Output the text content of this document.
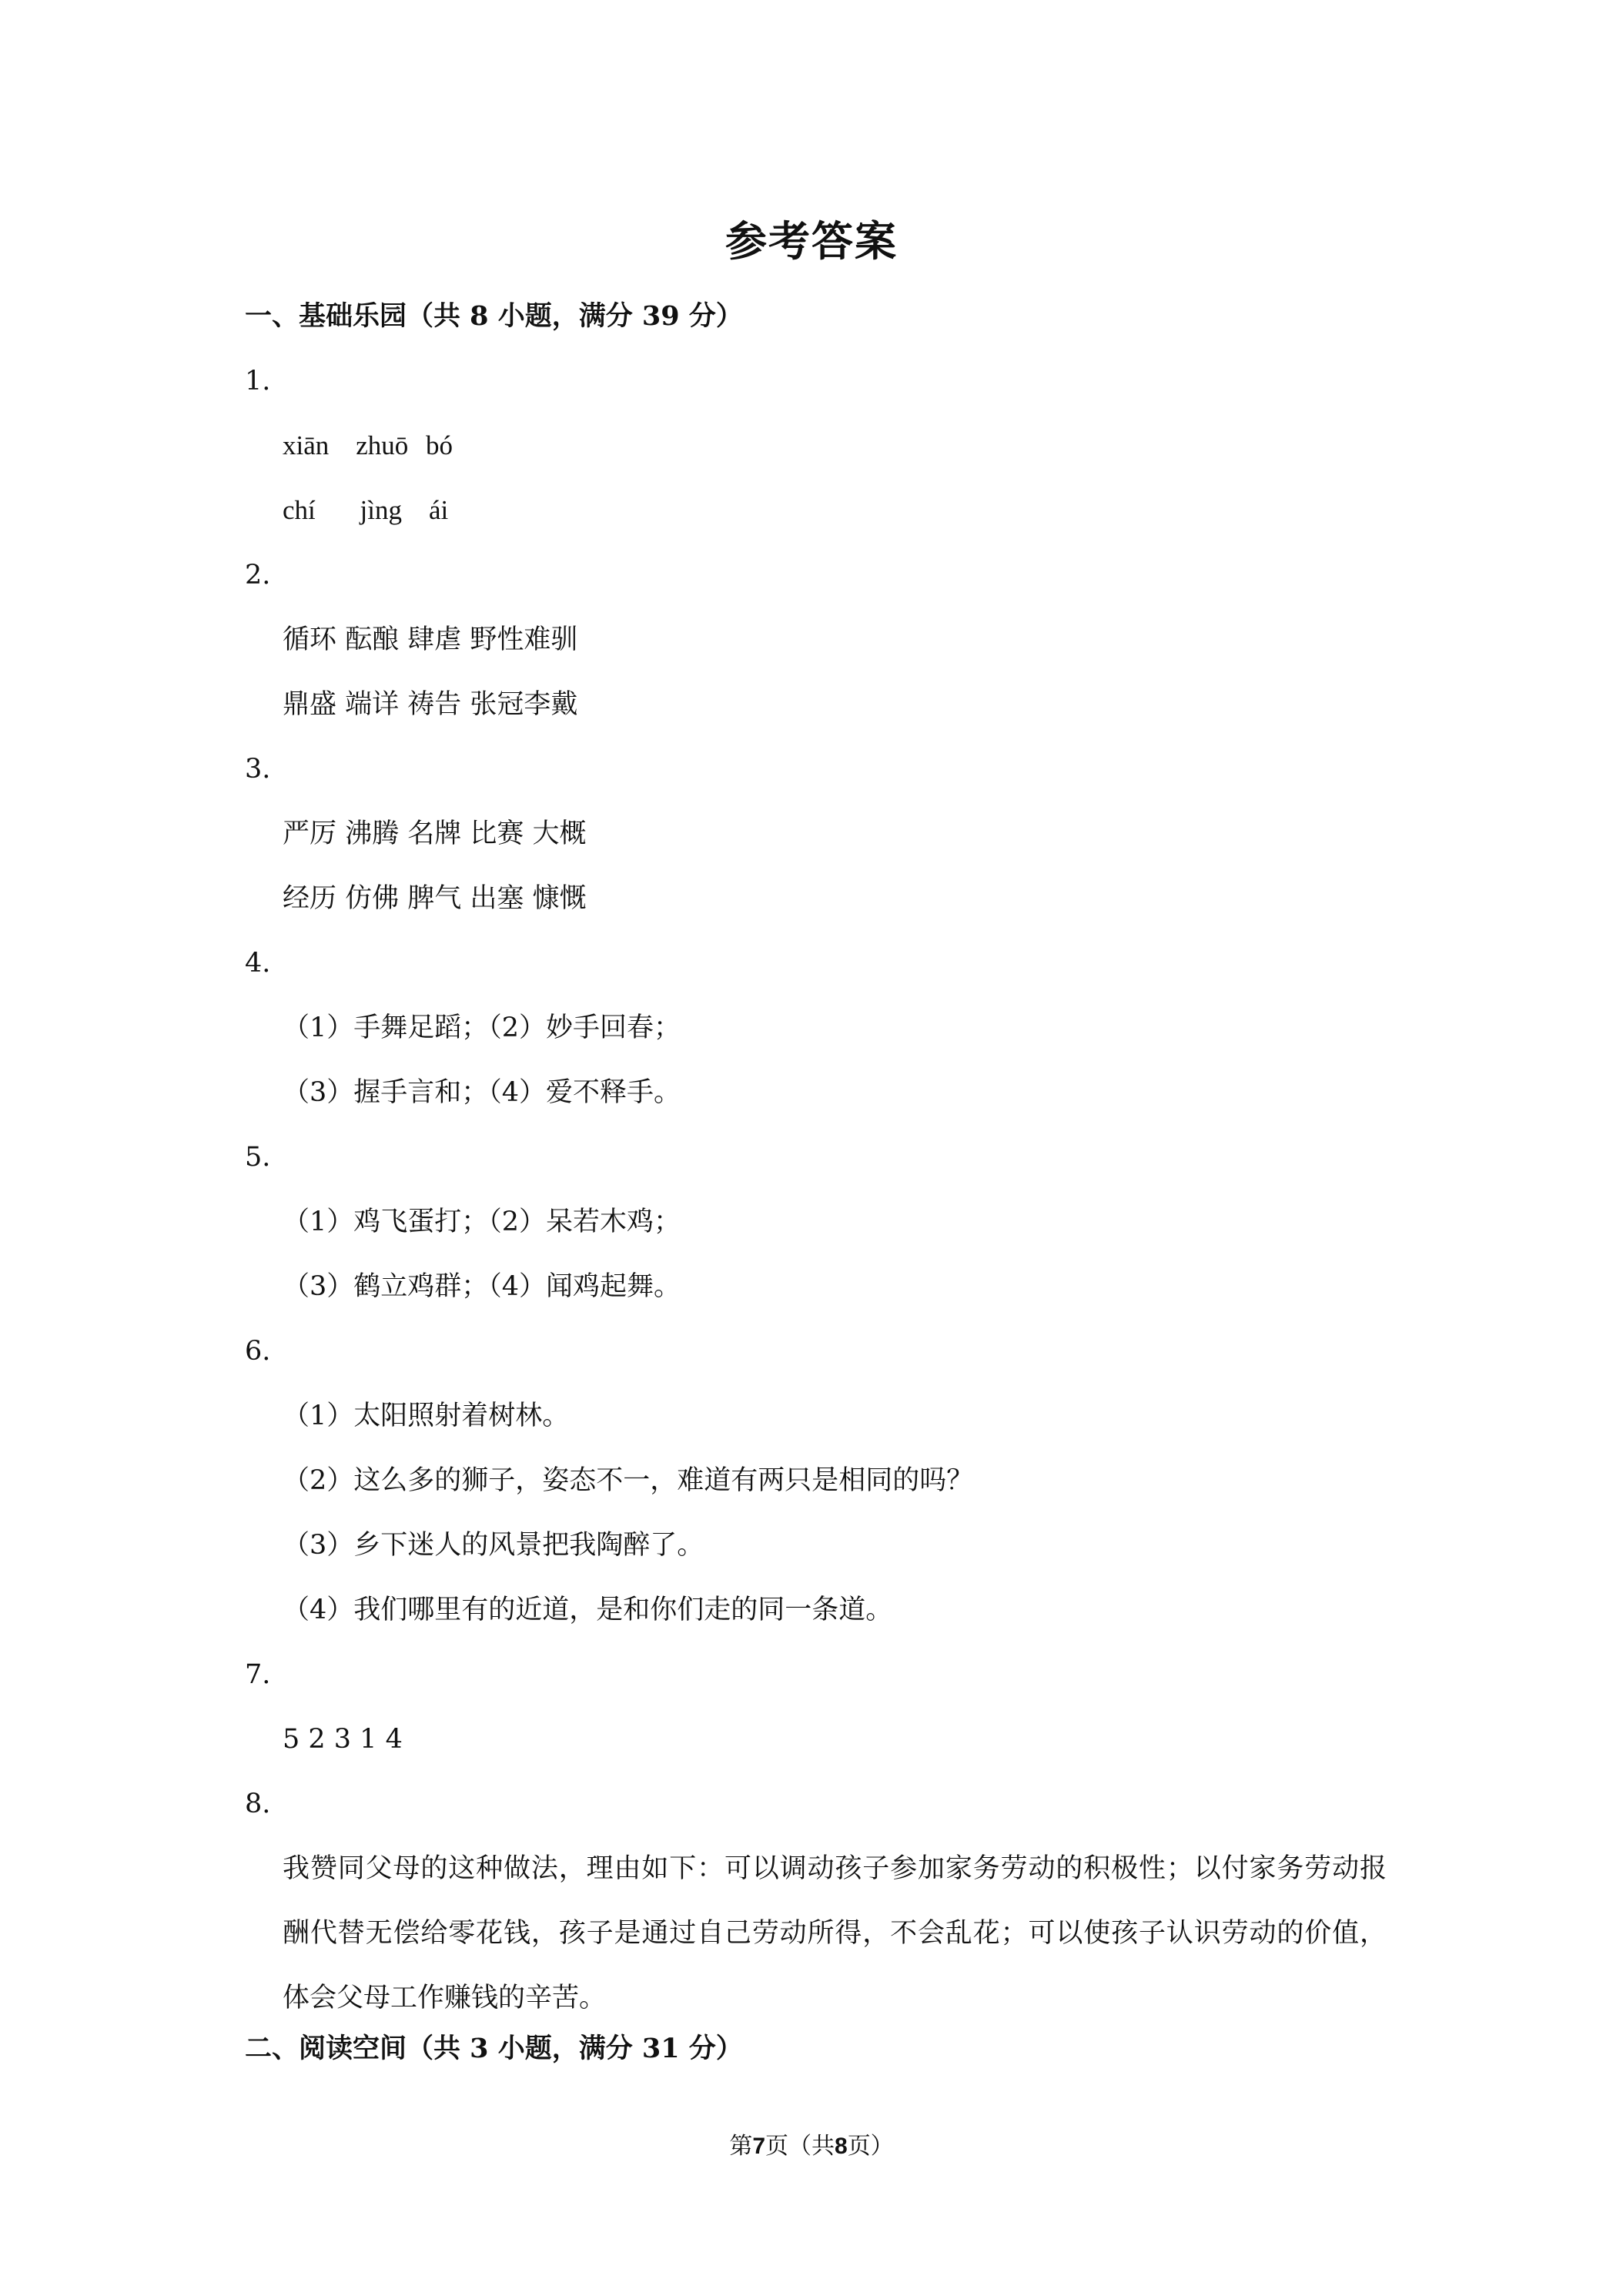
参考答案
一、基础乐园（共 8 小题，满分 39 分）
1.
xiān　zhuō bó
chí　 jìng　ái
2.
循环 酝酿 肆虐 野性难驯
鼎盛 端详 祷告 张冠李戴
3.
严厉 沸腾 名牌 比赛 大概
经历 仿佛 脾气 出塞 慷慨
4.
（1）手舞足蹈；（2）妙手回春；
（3）握手言和；（4）爱不释手。
5.
（1）鸡飞蛋打；（2）呆若木鸡；
（3）鹤立鸡群；（4）闻鸡起舞。
6.
（1）太阳照射着树林。
（2）这么多的狮子，姿态不一，难道有两只是相同的吗？
（3）乡下迷人的风景把我陶醉了。
（4）我们哪里有的近道，是和你们走的同一条道。
7.
5 2 3 1 4
8.
我赞同父母的这种做法，理由如下：可以调动孩子参加家务劳动的积极性；以付家务劳动报酬代替无偿给零花钱，孩子是通过自己劳动所得，不会乱花；可以使孩子认识劳动的价值，体会父母工作赚钱的辛苦。
二、阅读空间（共 3 小题，满分 31 分）
第7页（共8页）
